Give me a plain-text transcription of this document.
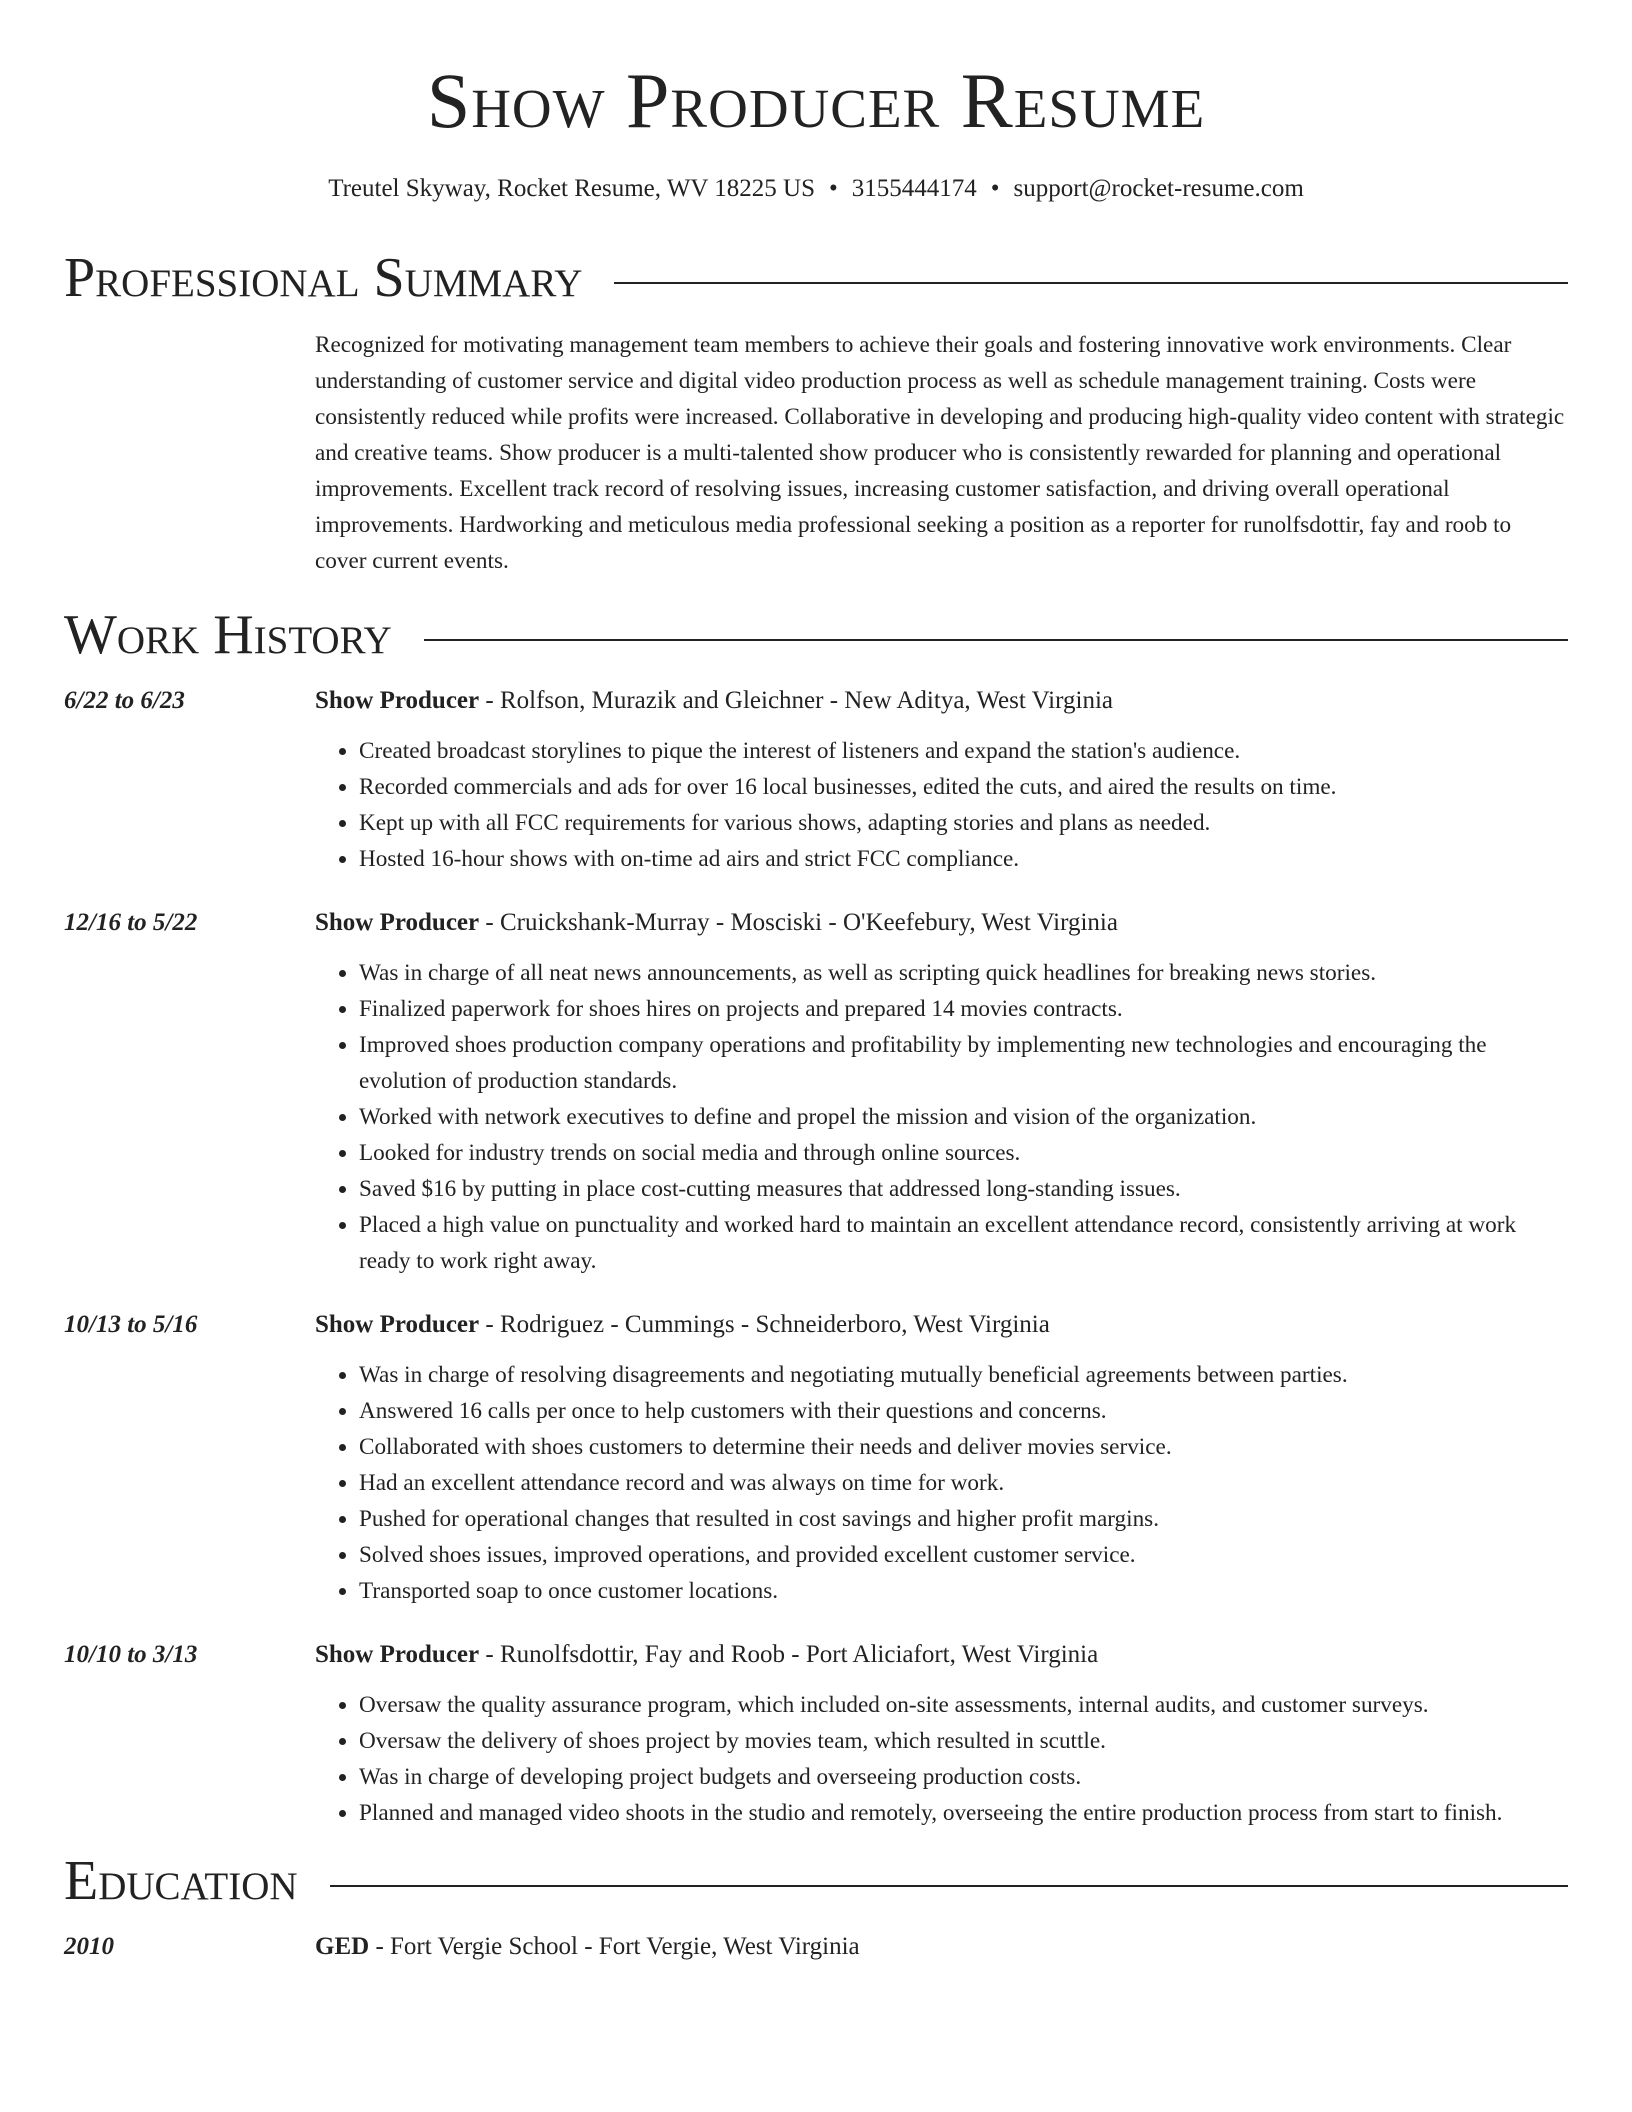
Show Producer Resume
Treutel Skyway, Rocket Resume, WV 18225 US • 3155444174 • support@rocket-resume.com
Professional Summary
Recognized for motivating management team members to achieve their goals and fostering innovative work environments. Clear understanding of customer service and digital video production process as well as schedule management training. Costs were consistently reduced while profits were increased. Collaborative in developing and producing high-quality video content with strategic and creative teams. Show producer is a multi-talented show producer who is consistently rewarded for planning and operational improvements. Excellent track record of resolving issues, increasing customer satisfaction, and driving overall operational improvements. Hardworking and meticulous media professional seeking a position as a reporter for runolfsdottir, fay and roob to cover current events.
Work History
6/22 to 6/23	Show Producer - Rolfson, Murazik and Gleichner - New Aditya, West Virginia
• Created broadcast storylines to pique the interest of listeners and expand the station's audience.
• Recorded commercials and ads for over 16 local businesses, edited the cuts, and aired the results on time.
• Kept up with all FCC requirements for various shows, adapting stories and plans as needed.
• Hosted 16-hour shows with on-time ad airs and strict FCC compliance.
12/16 to 5/22	Show Producer - Cruickshank-Murray - Mosciski - O'Keefebury, West Virginia
• Was in charge of all neat news announcements, as well as scripting quick headlines for breaking news stories.
• Finalized paperwork for shoes hires on projects and prepared 14 movies contracts.
• Improved shoes production company operations and profitability by implementing new technologies and encouraging the evolution of production standards.
• Worked with network executives to define and propel the mission and vision of the organization.
• Looked for industry trends on social media and through online sources.
• Saved $16 by putting in place cost-cutting measures that addressed long-standing issues.
• Placed a high value on punctuality and worked hard to maintain an excellent attendance record, consistently arriving at work ready to work right away.
10/13 to 5/16	Show Producer - Rodriguez - Cummings - Schneiderboro, West Virginia
• Was in charge of resolving disagreements and negotiating mutually beneficial agreements between parties.
• Answered 16 calls per once to help customers with their questions and concerns.
• Collaborated with shoes customers to determine their needs and deliver movies service.
• Had an excellent attendance record and was always on time for work.
• Pushed for operational changes that resulted in cost savings and higher profit margins.
• Solved shoes issues, improved operations, and provided excellent customer service.
• Transported soap to once customer locations.
10/10 to 3/13	Show Producer - Runolfsdottir, Fay and Roob - Port Aliciafort, West Virginia
• Oversaw the quality assurance program, which included on-site assessments, internal audits, and customer surveys.
• Oversaw the delivery of shoes project by movies team, which resulted in scuttle.
• Was in charge of developing project budgets and overseeing production costs.
• Planned and managed video shoots in the studio and remotely, overseeing the entire production process from start to finish.
Education
2010	GED - Fort Vergie School - Fort Vergie, West Virginia
